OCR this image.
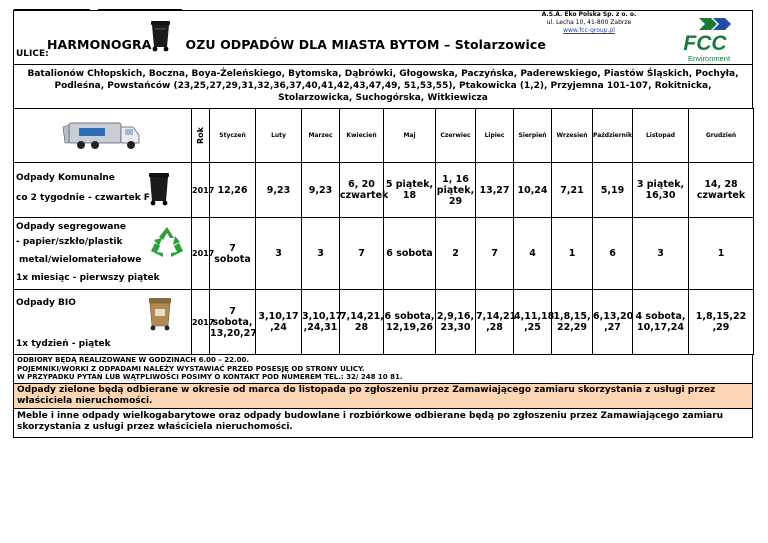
HARMONOGRA	OZU ODPADÓW DLA MIASTA BYTOM – Stolarzowice
ULICE:
A.S.A. Eko Polska Sp. z o. o.
ul. Lecha 10, 41-800 Zabrze
www.fcc-group.pl
FCC
Environment
Batalionów Chłopskich, Boczna, Boya-Żeleńskiego, Bytomska, Dąbrówki, Głogowska, Paczyńska, Paderewskiego, Piastów Śląskich, Pochyła, Podleśna, Powstańców (23,25,27,29,31,32,36,37,40,41,42,43,47,49, 51,53,55), Ptakowicka (1,2), Przyjemna 101-107, Rokitnicka, Stolarzowicka, Suchogórska, Witkiewicza

Rok	Styczeń	Luty	Marzec	Kwiecień	Maj	Czerwiec	Lipiec	Sierpień	Wrzesień	Październik	Listopad	Grudzień

Odpady Komunalne
co 2 tygodnie - czwartek F	2017	12,26	9,23	9,23	6, 20 czwartek	5 piątek, 18	1, 16 piątek, 29	13,27	10,24	7,21	5,19	3 piątek, 16,30	14, 28 czwartek

Odpady segregowane
- papier/szkło/plastik
metal/wielomateriałowe
1x miesiąc - pierwszy piątek	2017	7 sobota	3	3	7	6 sobota	2	7	4	1	6	3	1

Odpady BIO
1x tydzień - piątek	2017	7 sobota, 13,20,27	3,10,17 ,24	3,10,17 ,24,31	7,14,21, 28	6 sobota, 12,19,26	2,9,16, 23,30	7,14,21 ,28	4,11,18 ,25	1,8,15, 22,29	6,13,20 ,27	4 sobota, 10,17,24	1,8,15,22 ,29
ODBIORY BĘDĄ REALIZOWANE W GODZINACH 6.00 – 22.00.
POJEMNIKI/WORKI Z ODPADAMI NALEŻY WYSTAWIAĆ PRZED POSESJĘ OD STRONY ULICY.
W PRZYPADKU PYTAŃ LUB WĄTPLIWOŚCI POSIMY O KONTAKT POD NUMEREM TEL.: 32/ 248 10 81.
Odpady zielone będą odbierane w okresie od marca do listopada po zgłoszeniu przez Zamawiającego zamiaru skorzystania z usługi przez właściciela nieruchomości.
Meble i inne odpady wielkogabarytowe oraz odpady budowlane i rozbiórkowe odbierane będą po zgłoszeniu przez Zamawiającego zamiaru skorzystania z usługi przez właściciela nieruchomości.
